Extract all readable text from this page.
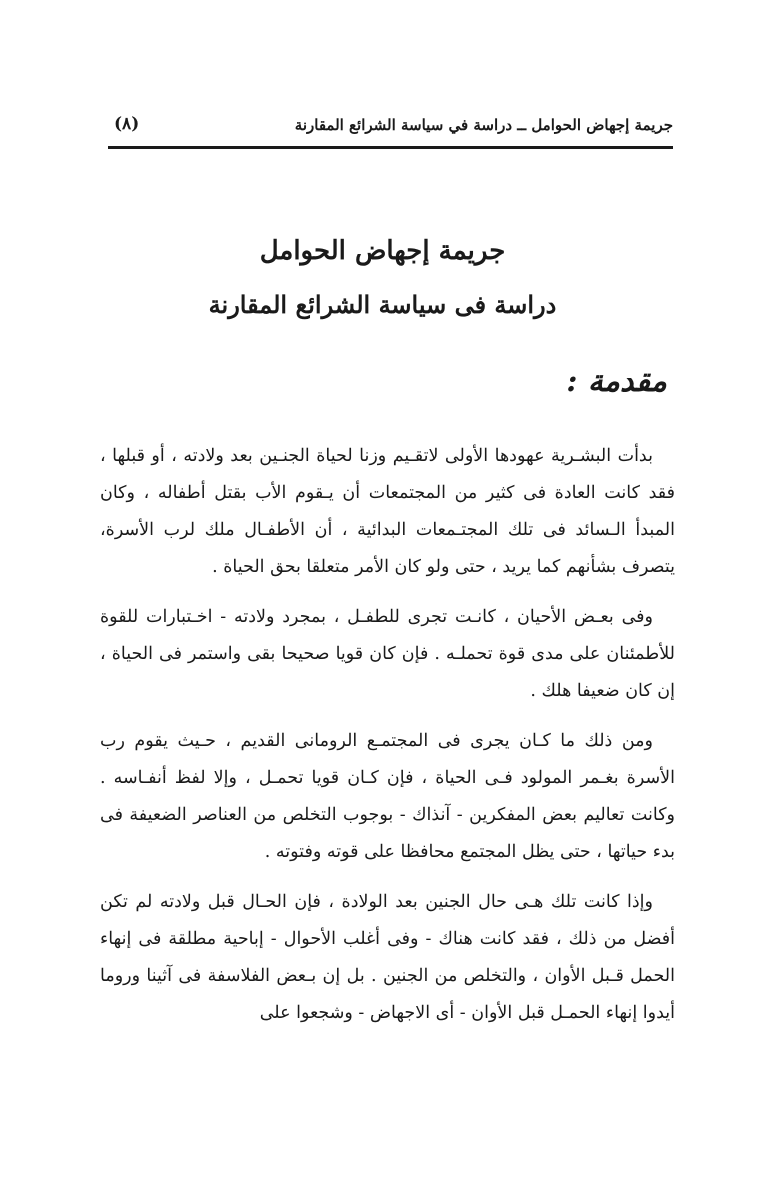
جريمة إجهاض الحوامل ــ دراسة في سياسة الشرائع المقارنة
(٨)
جريمة إجهاض الحوامل
دراسة فى سياسة الشرائع المقارنة
مقدمة :

بدأت البشـرية عهودها الأولى لاتقـيم وزنا لحياة الجنـين بعد ولادته ، أو قبلها ، فقد كانت العادة فى كثير من المجتمعات أن يـقوم الأب بقتل أطفاله ، وكان المبدأ الـسائد فى تلك المجتـمعات البدائية ، أن الأطفـال ملك لرب الأسرة، يتصرف بشأنهم كما يريد ، حتى ولو كان الأمر متعلقا بحق الحياة .

وفى بعـض الأحيان ، كانـت تجرى للطفـل ، بمجرد ولادته - اخـتبارات للقوة للأطمئنان على مدى قوة تحملـه . فإن كان قويا صحيحا بقى واستمر فى الحياة ، إن كان ضعيفا هلك .

ومن ذلك ما كـان يجرى فى المجتمـع الرومانى القديم ، حـيث يقوم رب الأسرة بغـمر المولود فـى الحياة ، فإن كـان قويا تحمـل ، وإلا لفظ أنفـاسه . وكانت تعاليم بعض المفكرين - آنذاك - بوجوب التخلص من العناصر الضعيفة فى بدء حياتها ، حتى يظل المجتمع محافظا على قوته وفتوته .

وإذا كانت تلك هـى حال الجنين بعد الولادة ، فإن الحـال قبل ولادته لم تكن أفضل من ذلك ، فقد كانت هناك - وفى أغلب الأحوال - إباحية مطلقة فى إنهاء الحمل قـبل الأوان ، والتخلص من الجنين . بل إن بـعض الفلاسفة فى آثينا وروما أيدوا إنهاء الحمـل قبل الأوان - أى الاجهاض - وشجعوا على
